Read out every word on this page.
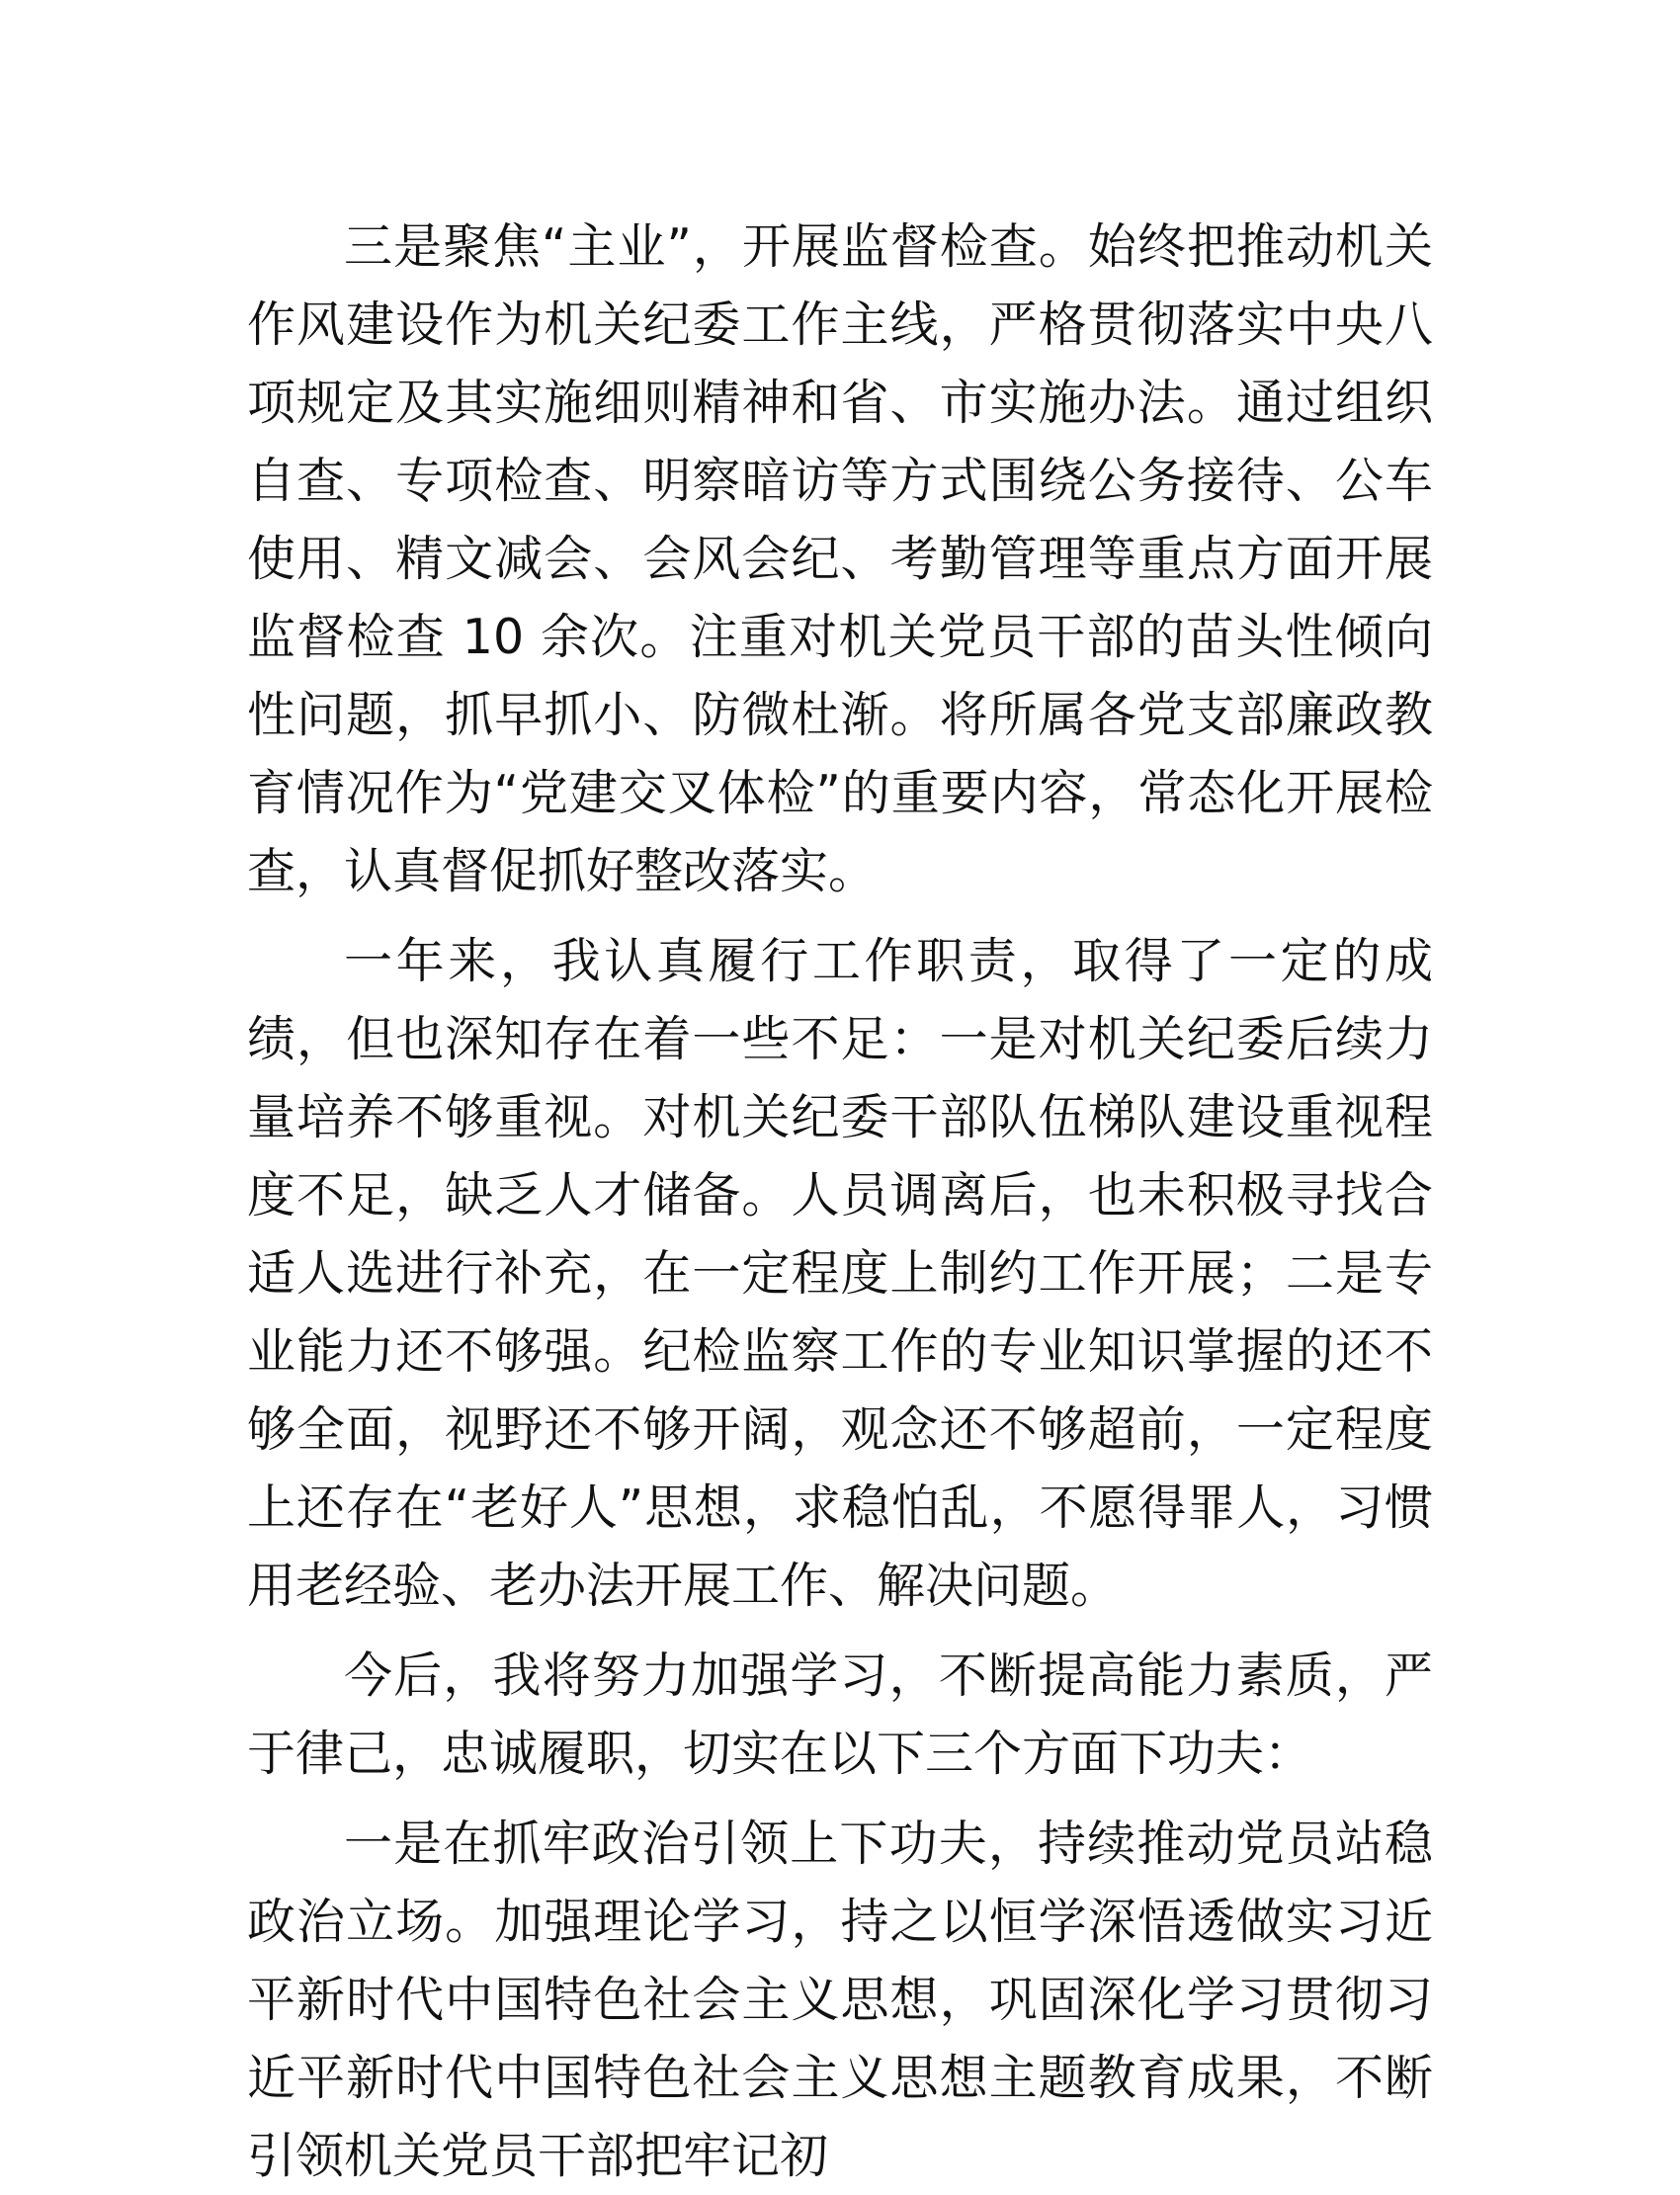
三是聚焦“主业”，开展监督检查。始终把推动机关作风建设作为机关纪委工作主线，严格贯彻落实中央八项规定及其实施细则精神和省、市实施办法。通过组织自查、专项检查、明察暗访等方式围绕公务接待、公车使用、精文减会、会风会纪、考勤管理等重点方面开展监督检查 10 余次。注重对机关党员干部的苗头性倾向性问题，抓早抓小、防微杜渐。将所属各党支部廉政教育情况作为“党建交叉体检”的重要内容，常态化开展检查，认真督促抓好整改落实。

一年来，我认真履行工作职责，取得了一定的成绩，但也深知存在着一些不足：一是对机关纪委后续力量培养不够重视。对机关纪委干部队伍梯队建设重视程度不足，缺乏人才储备。人员调离后，也未积极寻找合适人选进行补充，在一定程度上制约工作开展；二是专业能力还不够强。纪检监察工作的专业知识掌握的还不够全面，视野还不够开阔，观念还不够超前，一定程度上还存在“老好人”思想，求稳怕乱，不愿得罪人，习惯用老经验、老办法开展工作、解决问题。

今后，我将努力加强学习，不断提高能力素质，严于律己，忠诚履职，切实在以下三个方面下功夫：

一是在抓牢政治引领上下功夫，持续推动党员站稳政治立场。加强理论学习，持之以恒学深悟透做实习近平新时代中国特色社会主义思想，巩固深化学习贯彻习近平新时代中国特色社会主义思想主题教育成果，不断引领机关党员干部把牢记初
